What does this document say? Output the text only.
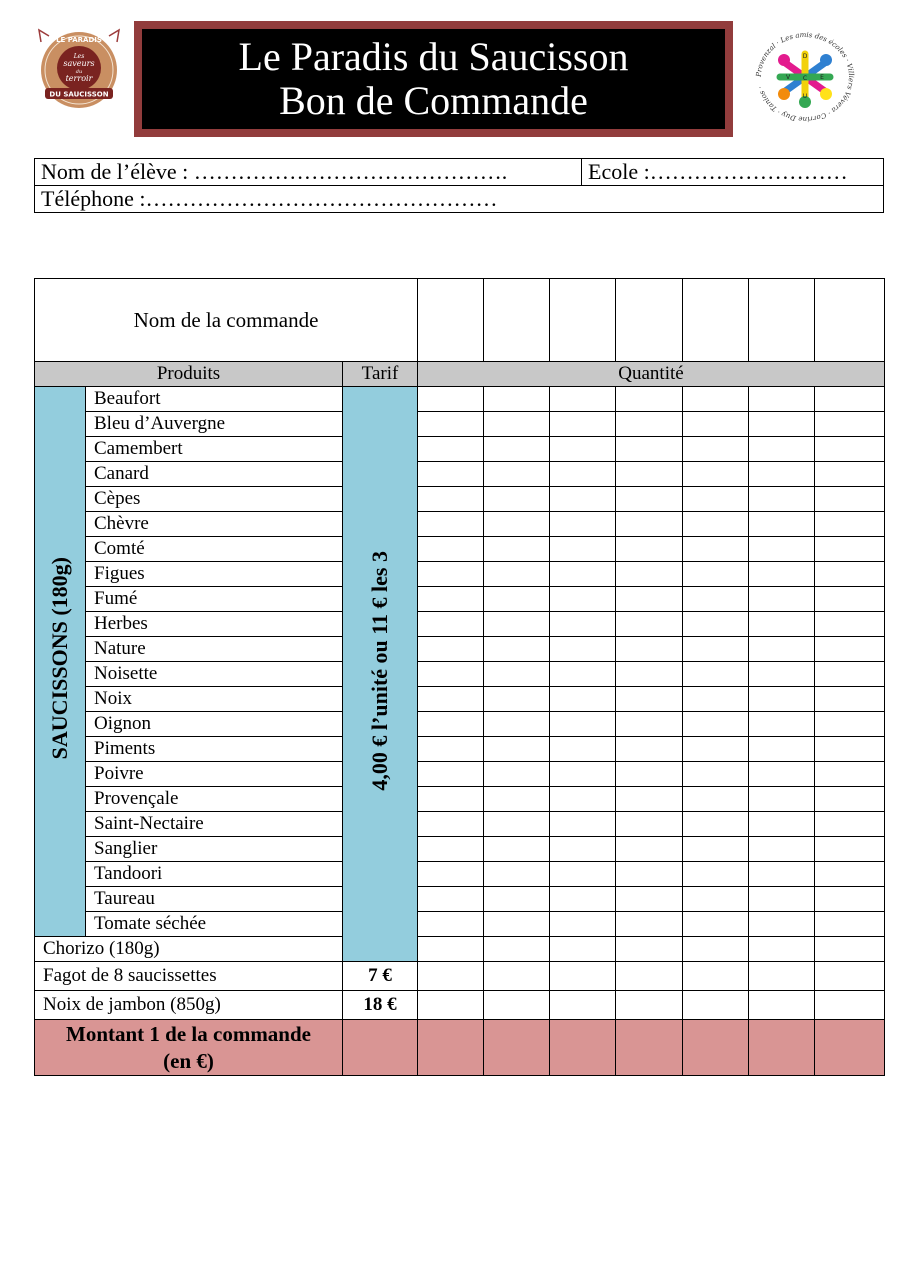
LE PARADIS
Les
saveurs
du
terroir
DU SAUCISSON
Le Paradis du Saucisson
Bon de Commande
Provenzal · Les amis des écoles · Villiers Vévera · Corrine Duy · Tanios ·
D
U
V	E
C
Nom de l’élève : …………………………………….	Ecole :………………………
Téléphone :…………………………………………
Nom de la commande									
Produits		Tarif	Quantité						
SAUCISSONS (180g)	Beaufort	4,00 € l’unité ou 11 € les 3							
	Bleu d’Auvergne								
	Camembert								
	Canard								
	Cèpes								
	Chèvre								
	Comté								
	Figues								
	Fumé								
	Herbes								
	Nature								
	Noisette								
	Noix								
	Oignon								
	Piments								
	Poivre								
	Provençale								
	Saint-Nectaire								
	Sanglier								
	Tandoori								
	Taureau								
	Tomate séchée								
Chorizo (180g)									
Fagot de 8 saucissettes		7 €							
Noix de jambon (850g)		18 €							

Montant 1 de la commande
(en €)									
